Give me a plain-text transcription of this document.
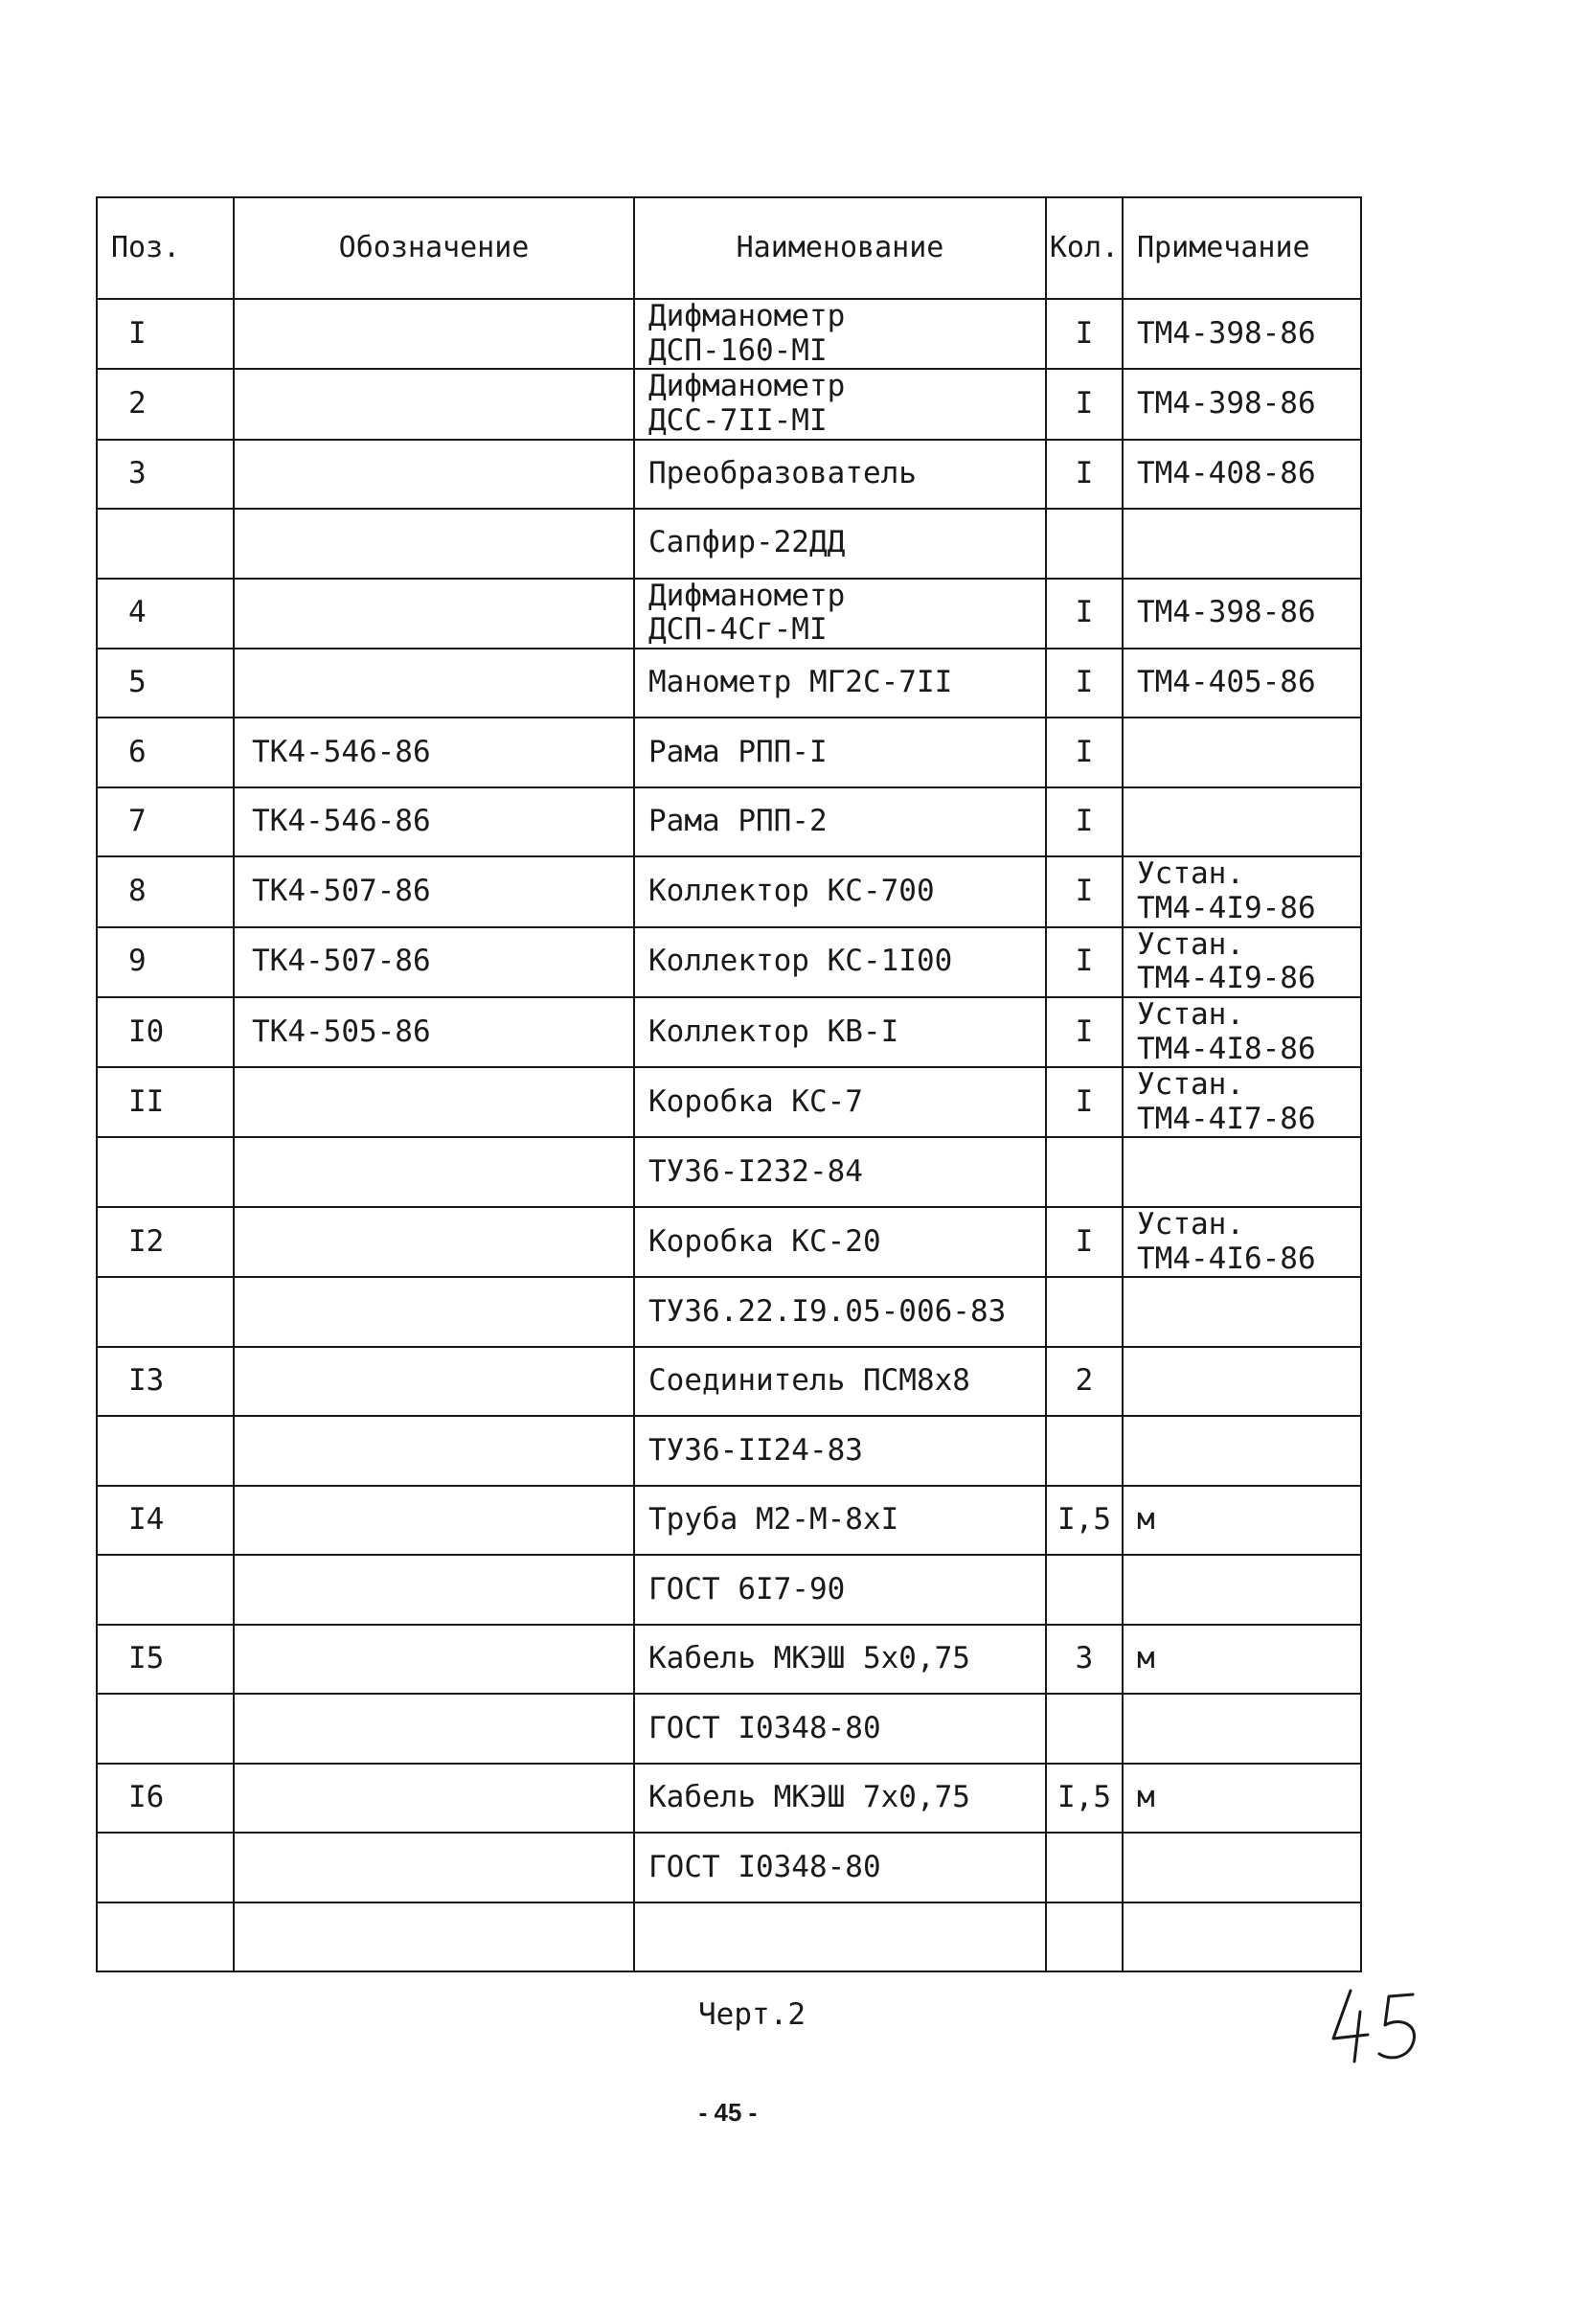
Поз.	Обозначение	Наименование	Кол.	Примечание
I		Дифманометр
ДСП-160-МI	I	ТМ4-398-86

2		Дифманометр
ДСС-7II-МI	I	ТМ4-398-86

3		Преобразователь	I	ТМ4-408-86

		Сапфир-22ДД		

4		Дифманометр
ДСП-4Сг-МI	I	ТМ4-398-86

5		Манометр МГ2С-7II	I	ТМ4-405-86

6	ТК4-546-86	Рама РПП-I	I	
7	ТК4-546-86	Рама РПП-2	I	
8	ТК4-507-86	Коллектор КС-700	I	Устан.
ТМ4-4I9-86

9	ТК4-507-86	Коллектор КС-1I00	I	Устан.
ТМ4-4I9-86

I0	ТК4-505-86	Коллектор КВ-I	I	Устан.
ТМ4-4I8-86

II		Коробка КС-7	I	Устан.
ТМ4-4I7-86

		ТУ36-I232-84		

I2		Коробка КС-20	I	Устан.
ТМ4-4I6-86

		ТУ36.22.I9.05-006-83		

I3		Соединитель ПСМ8х8	2	

		ТУ36-II24-83		

I4		Труба М2-М-8хI	I,5	м

		ГОСТ 6I7-90		

I5		Кабель МКЭШ 5х0,75	3	м

		ГОСТ I0348-80		

I6		Кабель МКЭШ 7х0,75	I,5	м

		ГОСТ I0348-80		

Черт.2
- 45 -
